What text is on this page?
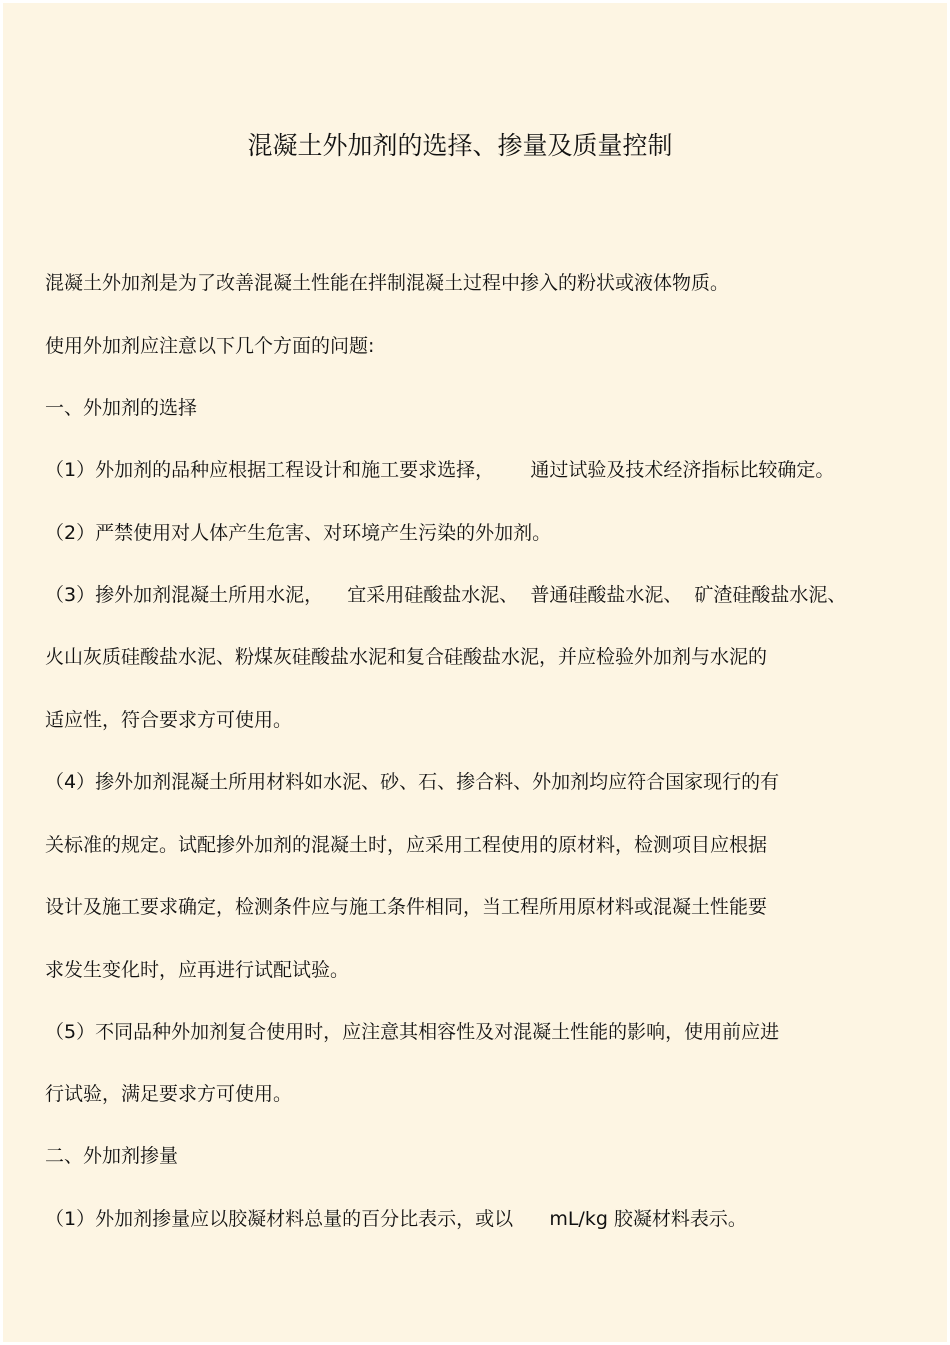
混凝土外加剂的选择、掺量及质量控制
混凝土外加剂是为了改善混凝土性能在拌制混凝土过程中掺入的粉状或液体物质。
使用外加剂应注意以下几个方面的问题:
一、外加剂的选择
（1）外加剂的品种应根据工程设计和施工要求选择，      通过试验及技术经济指标比较确定。
（2）严禁使用对人体产生危害、对环境产生污染的外加剂。
（3）掺外加剂混凝土所用水泥，    宜采用硅酸盐水泥、  普通硅酸盐水泥、  矿渣硅酸盐水泥、
火山灰质硅酸盐水泥、粉煤灰硅酸盐水泥和复合硅酸盐水泥，并应检验外加剂与水泥的
适应性，符合要求方可使用。
（4）掺外加剂混凝土所用材料如水泥、砂、石、掺合料、外加剂均应符合国家现行的有
关标准的规定。试配掺外加剂的混凝土时，应采用工程使用的原材料，检测项目应根据
设计及施工要求确定，检测条件应与施工条件相同，当工程所用原材料或混凝土性能要
求发生变化时，应再进行试配试验。
（5）不同品种外加剂复合使用时，应注意其相容性及对混凝土性能的影响，使用前应进
行试验，满足要求方可使用。
二、外加剂掺量
（1）外加剂掺量应以胶凝材料总量的百分比表示，或以      mL/kg 胶凝材料表示。
